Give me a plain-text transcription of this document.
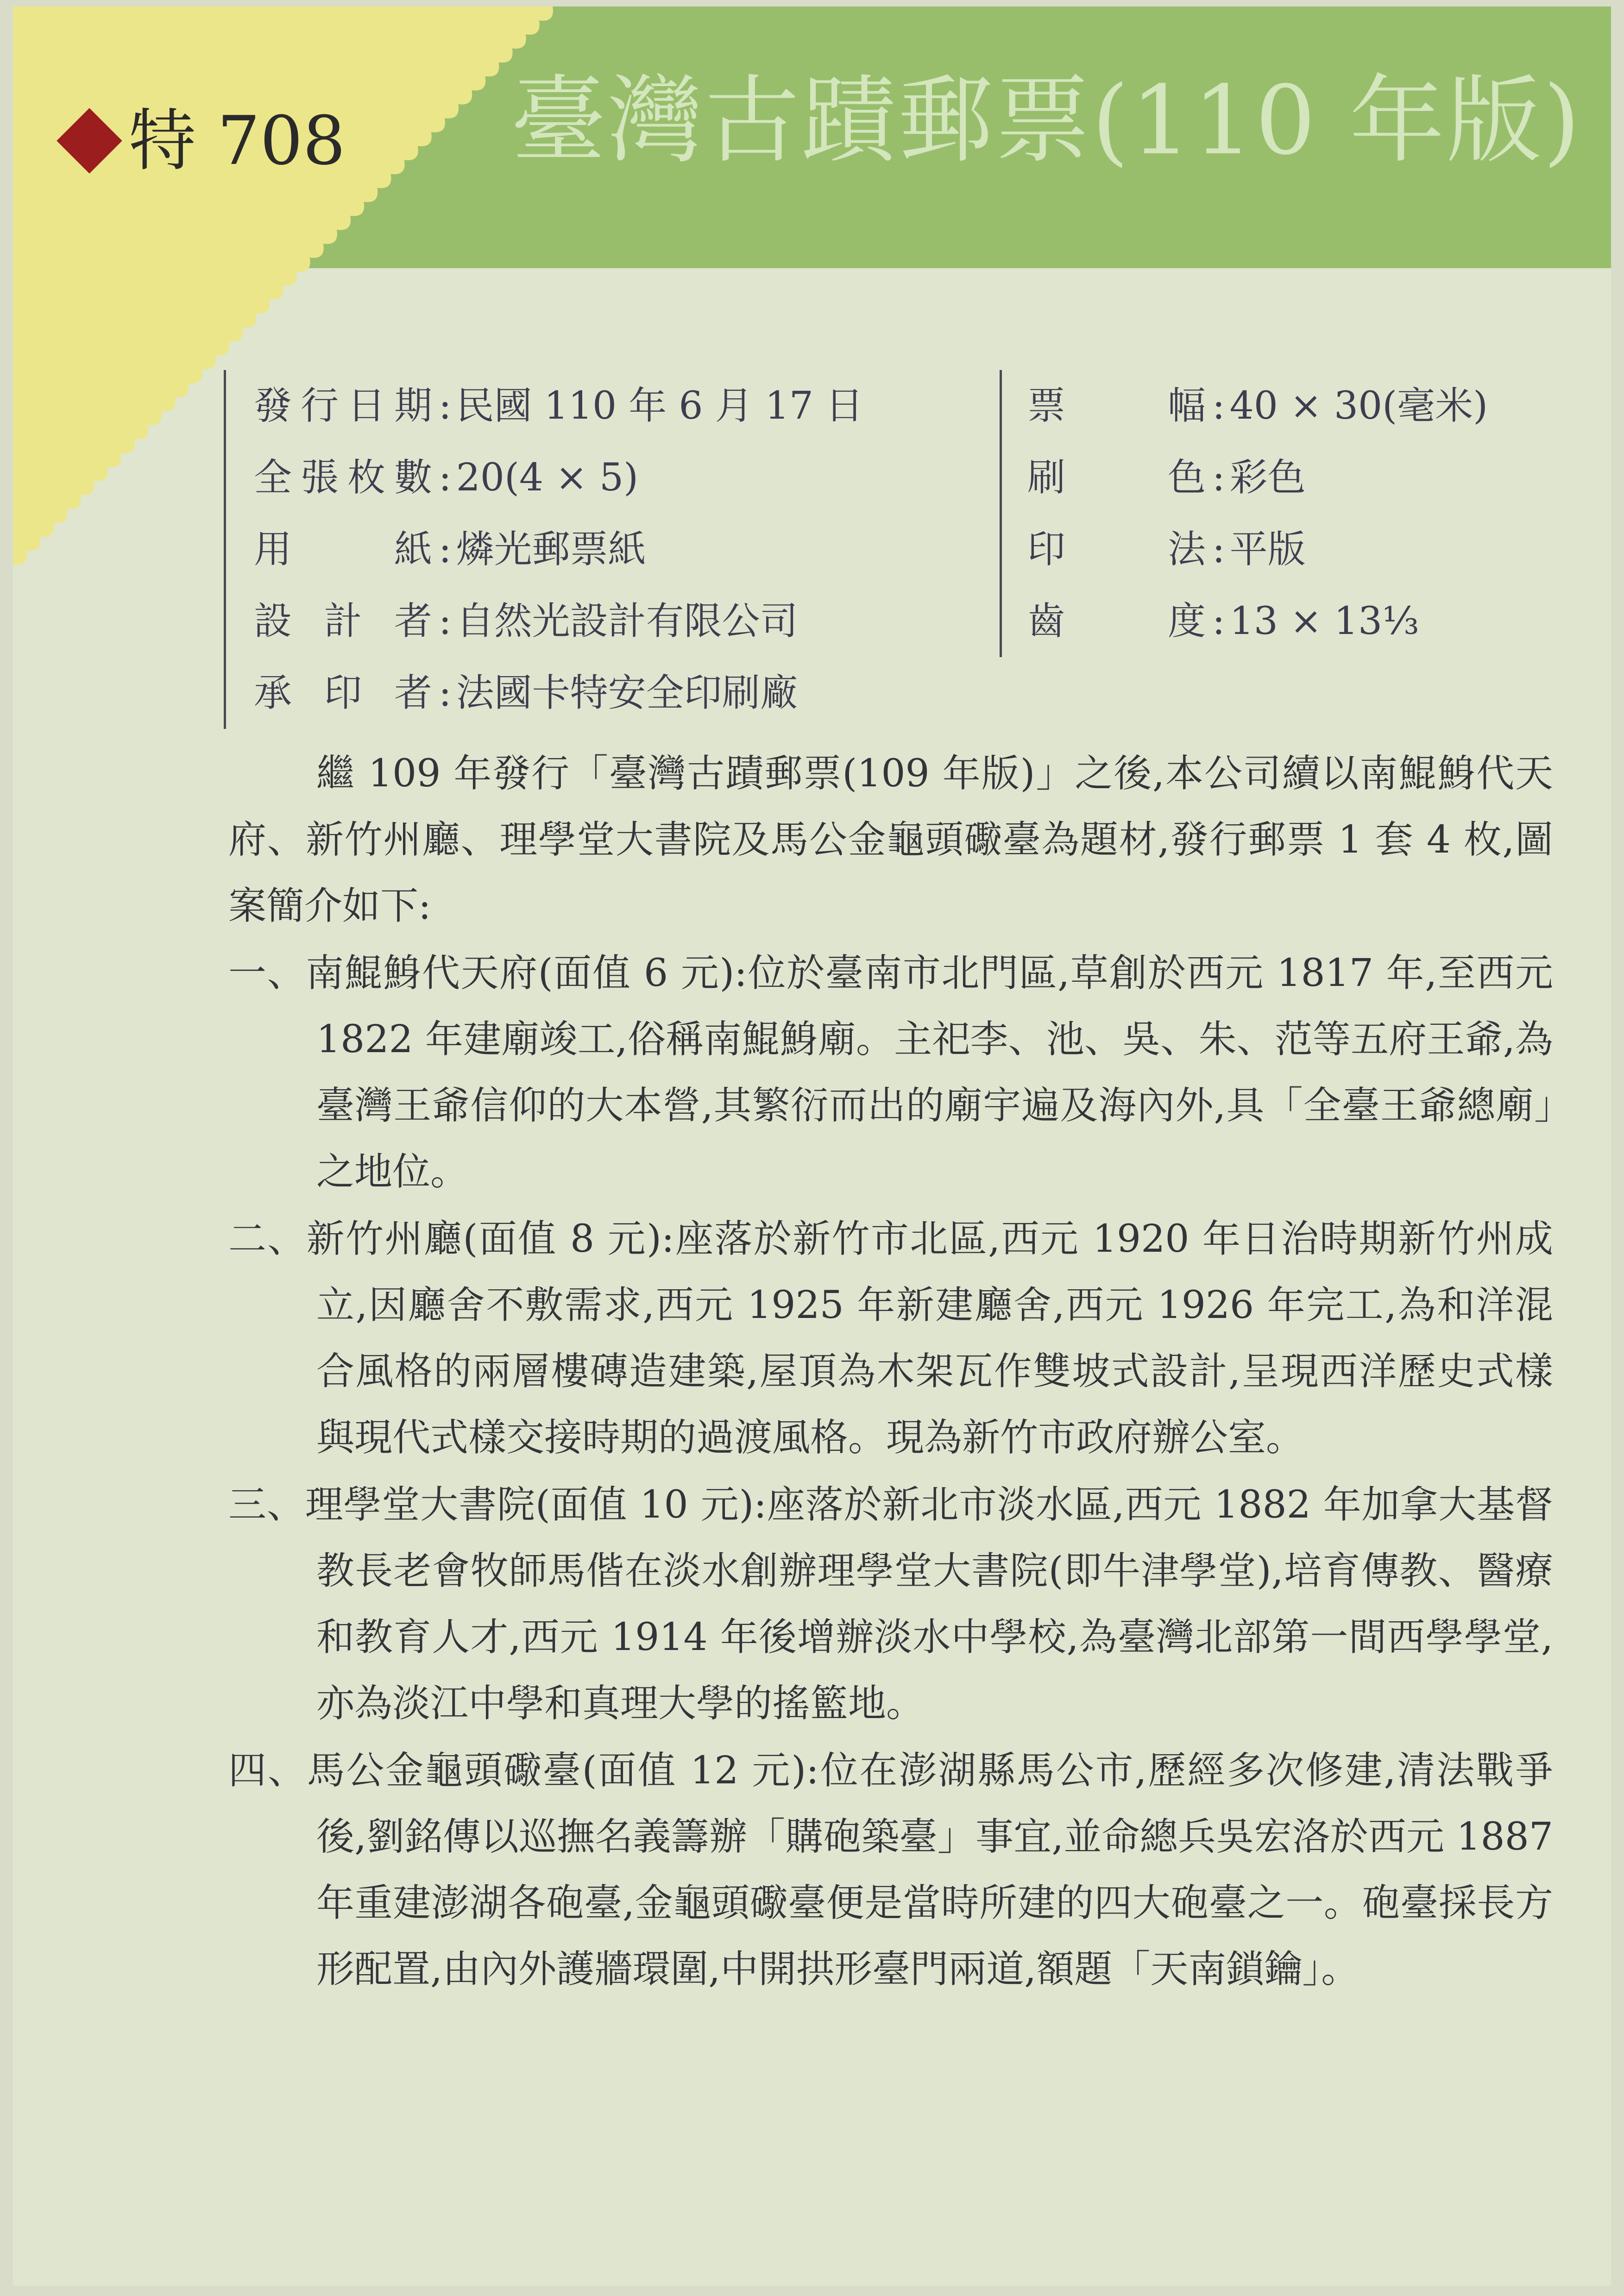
特 708 臺灣古蹟郵票(110 年版)
發行日期 : 民國 110 年 6 月 17 日
全張枚數 : 20(4 × 5)
用紙 : 燐光郵票紙
設計者 : 自然光設計有限公司
承印者 : 法國卡特安全印刷廠
票幅 : 40 × 30(毫米)
刷色 : 彩色
印法 : 平版
齒度 : 13 × 13⅓

繼 109 年發行「臺灣古蹟郵票(109 年版)」之後,本公司續以南鯤鯓代天府、新竹州廳、理學堂大書院及馬公金龜頭礮臺為題材,發行郵票 1 套 4 枚,圖案簡介如下:

一、南鯤鯓代天府(面值 6 元):位於臺南市北門區,草創於西元 1817 年,至西元 1822 年建廟竣工,俗稱南鯤鯓廟。主祀李、池、吳、朱、范等五府王爺,為臺灣王爺信仰的大本營,其繁衍而出的廟宇遍及海內外,具「全臺王爺總廟」之地位。

二、新竹州廳(面值 8 元):座落於新竹市北區,西元 1920 年日治時期新竹州成立,因廳舍不敷需求,西元 1925 年新建廳舍,西元 1926 年完工,為和洋混合風格的兩層樓磚造建築,屋頂為木架瓦作雙坡式設計,呈現西洋歷史式樣與現代式樣交接時期的過渡風格。現為新竹市政府辦公室。

三、理學堂大書院(面值 10 元):座落於新北市淡水區,西元 1882 年加拿大基督教長老會牧師馬偕在淡水創辦理學堂大書院(即牛津學堂),培育傳教、醫療和教育人才,西元 1914 年後增辦淡水中學校,為臺灣北部第一間西學學堂,亦為淡江中學和真理大學的搖籃地。

四、馬公金龜頭礮臺(面值 12 元):位在澎湖縣馬公市,歷經多次修建,清法戰爭後,劉銘傳以巡撫名義籌辦「購砲築臺」事宜,並命總兵吳宏洛於西元 1887 年重建澎湖各砲臺,金龜頭礮臺便是當時所建的四大砲臺之一。砲臺採長方形配置,由內外護牆環圍,中開拱形臺門兩道,額題「天南鎖鑰」。
